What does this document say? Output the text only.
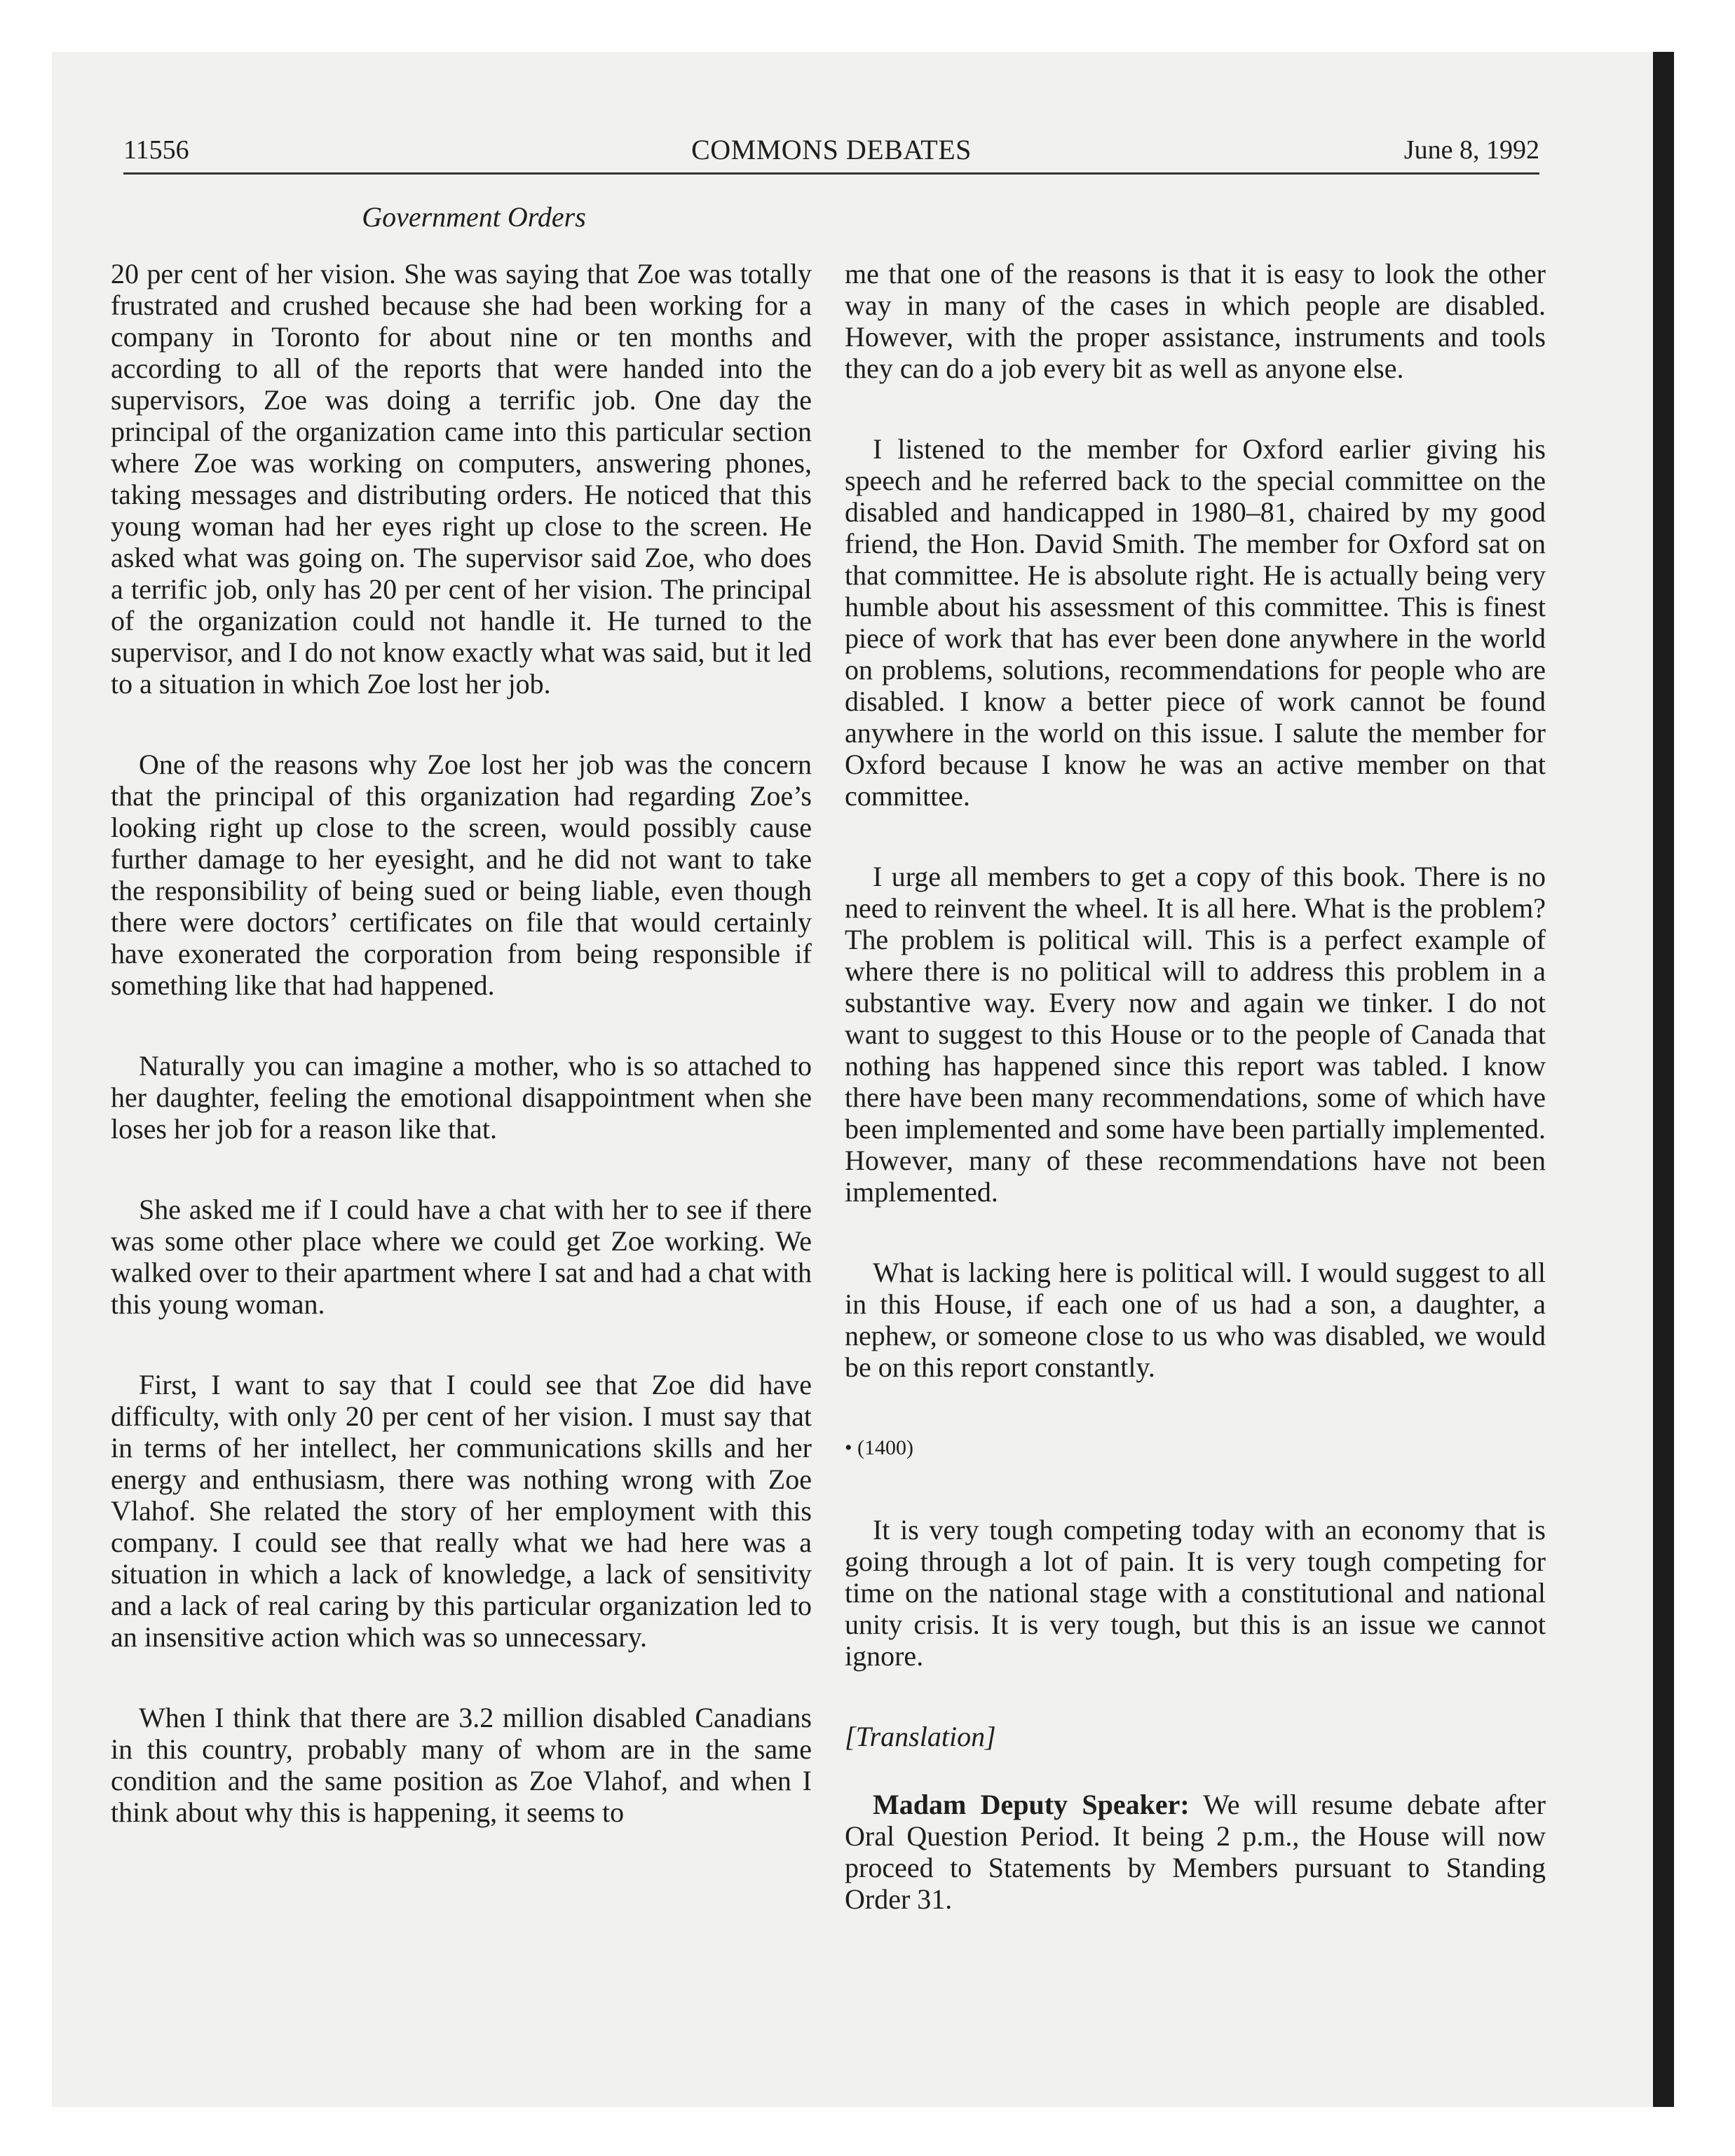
11556	COMMONS DEBATES	June 8, 1992
Government Orders

20 per cent of her vision. She was saying that Zoe was totally frustrated and crushed because she had been working for a company in Toronto for about nine or ten months and according to all of the reports that were handed into the supervisors, Zoe was doing a terrific job. One day the principal of the organization came into this particular section where Zoe was working on computers, answering phones, taking messages and distributing orders. He noticed that this young woman had her eyes right up close to the screen. He asked what was going on. The supervisor said Zoe, who does a terrific job, only has 20 per cent of her vision. The principal of the organization could not handle it. He turned to the supervisor, and I do not know exactly what was said, but it led to a situation in which Zoe lost her job.

One of the reasons why Zoe lost her job was the concern that the principal of this organization had regarding Zoe’s looking right up close to the screen, would possibly cause further damage to her eyesight, and he did not want to take the responsibility of being sued or being liable, even though there were doctors’ certificates on file that would certainly have exonerated the corporation from being responsible if something like that had happened.

Naturally you can imagine a mother, who is so attached to her daughter, feeling the emotional disappointment when she loses her job for a reason like that.

She asked me if I could have a chat with her to see if there was some other place where we could get Zoe working. We walked over to their apartment where I sat and had a chat with this young woman.

First, I want to say that I could see that Zoe did have difficulty, with only 20 per cent of her vision. I must say that in terms of her intellect, her communications skills and her energy and enthusiasm, there was nothing wrong with Zoe Vlahof. She related the story of her employment with this company. I could see that really what we had here was a situation in which a lack of knowledge, a lack of sensitivity and a lack of real caring by this particular organization led to an insensitive action which was so unnecessary.

When I think that there are 3.2 million disabled Canadians in this country, probably many of whom are in the same condition and the same position as Zoe Vlahof, and when I think about why this is happening, it seems to

me that one of the reasons is that it is easy to look the other way in many of the cases in which people are disabled. However, with the proper assistance, instruments and tools they can do a job every bit as well as anyone else.

I listened to the member for Oxford earlier giving his speech and he referred back to the special committee on the disabled and handicapped in 1980–81, chaired by my good friend, the Hon. David Smith. The member for Oxford sat on that committee. He is absolute right. He is actually being very humble about his assessment of this committee. This is finest piece of work that has ever been done anywhere in the world on problems, solutions, recommendations for people who are disabled. I know a better piece of work cannot be found anywhere in the world on this issue. I salute the member for Oxford because I know he was an active member on that committee.

I urge all members to get a copy of this book. There is no need to reinvent the wheel. It is all here. What is the problem? The problem is political will. This is a perfect example of where there is no political will to address this problem in a substantive way. Every now and again we tinker. I do not want to suggest to this House or to the people of Canada that nothing has happened since this report was tabled. I know there have been many recommendations, some of which have been implemented and some have been partially implemented. However, many of these recommendations have not been implemented.

What is lacking here is political will. I would suggest to all in this House, if each one of us had a son, a daughter, a nephew, or someone close to us who was disabled, we would be on this report constantly.

• (1400)

It is very tough competing today with an economy that is going through a lot of pain. It is very tough competing for time on the national stage with a constitutional and national unity crisis. It is very tough, but this is an issue we cannot ignore.

[Translation]

Madam Deputy Speaker: We will resume debate after Oral Question Period. It being 2 p.m., the House will now proceed to Statements by Members pursuant to Standing Order 31.
